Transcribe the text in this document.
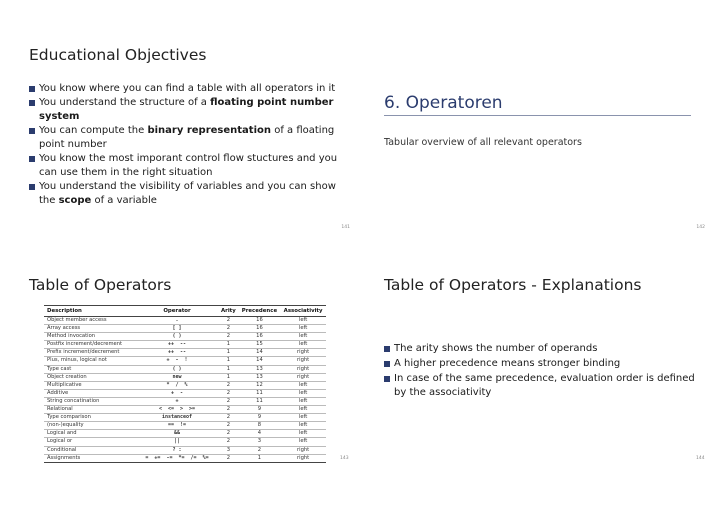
Educational Objectives
You know where you can find a table with all operators in it
You understand the structure of a floating point number system
You can compute the binary representation of a floating point number
You know the most imporant control flow stuctures and you can use them in the right situation
You understand the visibility of variables and you can show the scope of a variable
141	142
6. Operatoren
Tabular overview of all relevant operators
Table of Operators
Description	Operator	Arity	Precedence	Associativity
Object member access	.	2	16	left
Array access	[ ]	2	16	left
Method invocation	( )	2	16	left
Postfix increment/decrement	++  --	1	15	left
Prefix increment/decrement	++  --	1	14	right
Plus, minus, logical not	+  -  !	1	14	right
Type cast	( )	1	13	right
Object creation	new	1	13	right
Multiplicative	*  /  %	2	12	left
Additive	+  -	2	11	left
String concatination	+	2	11	left
Relational	<  <=  >  >=	2	9	left
Type comparison	instanceof	2	9	left
(non-)equality	==  !=	2	8	left
Logical and	&&	2	4	left
Logical or	||	2	3	left
Conditional	? :	3	2	right
Assignments	=  +=  -=  *=  /=  %=	2	1	right	143
Table of Operators - Explanations
The arity shows the number of operands
A higher precedence means stronger binding
In case of the same precedence, evaluation order is defined by the associativity
144
